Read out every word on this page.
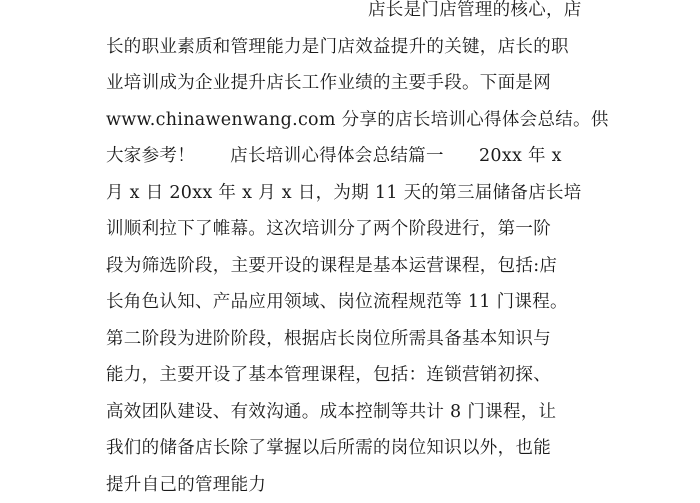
店长是门店管理的核心，店
长的职业素质和管理能力是门店效益提升的关键，店长的职
业培训成为企业提升店长工作业绩的主要手段。下面是网
www.chinawenwang.com 分享的店长培训心得体会总结。供
大家参考！      店长培训心得体会总结篇一      20xx 年 x
月 x 日 20xx 年 x 月 x 日，为期 11 天的第三届储备店长培
训顺利拉下了帷幕。这次培训分了两个阶段进行，第一阶
段为筛选阶段，主要开设的课程是基本运营课程，包括:店
长角色认知、产品应用领域、岗位流程规范等 11 门课程。
第二阶段为进阶阶段，根据店长岗位所需具备基本知识与
能力，主要开设了基本管理课程，包括：连锁营销初探、
高效团队建设、有效沟通。成本控制等共计 8 门课程，让
我们的储备店长除了掌握以后所需的岗位知识以外，也能
提升自己的管理能力
